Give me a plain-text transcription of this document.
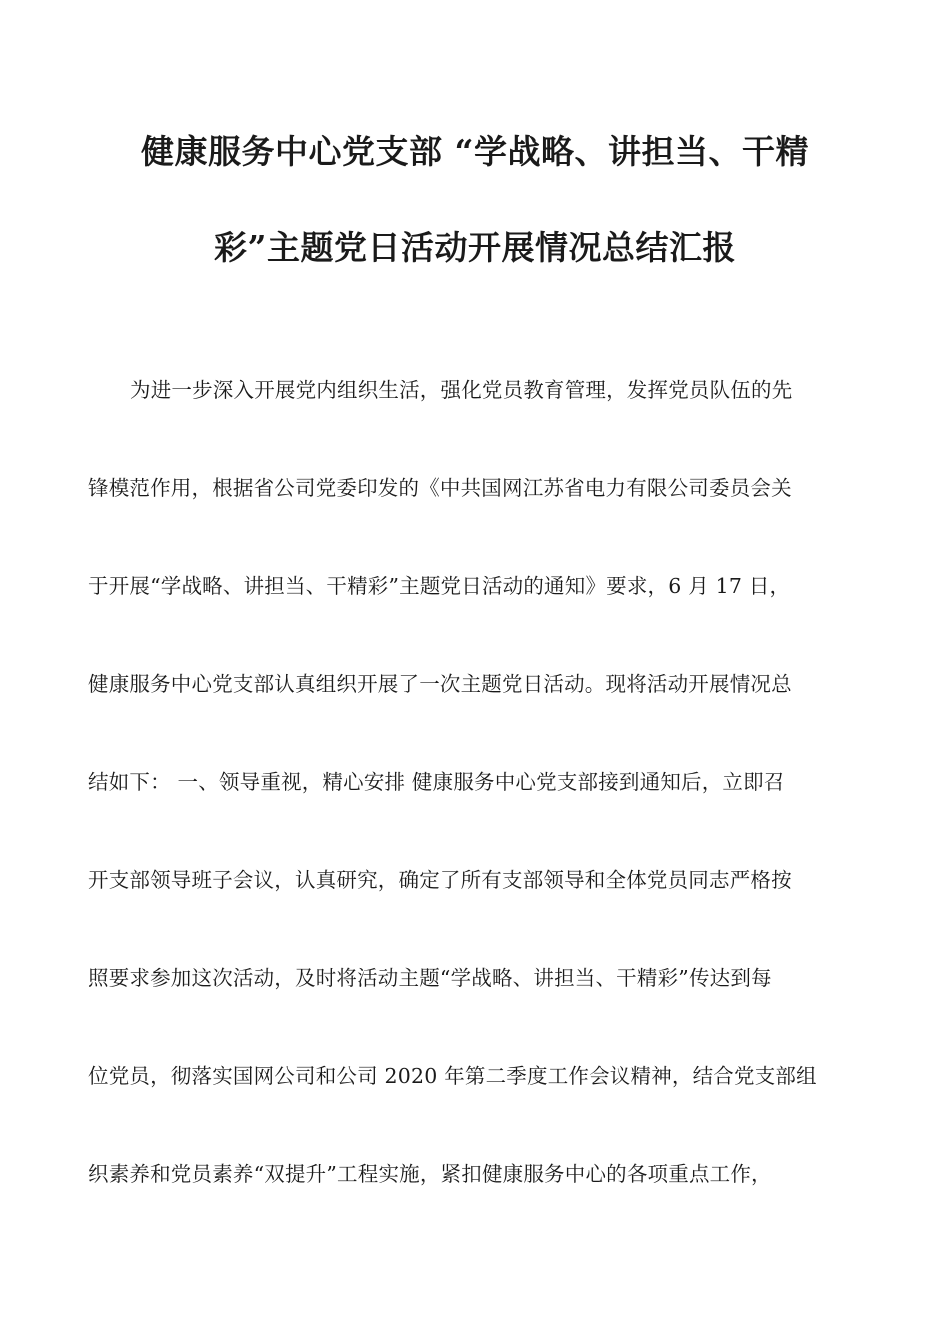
健康服务中心党支部 “学战略、讲担当、干精
彩”主题党日活动开展情况总结汇报
为进一步深入开展党内组织生活，强化党员教育管理，发挥党员队伍的先
锋模范作用，根据省公司党委印发的《中共国网江苏省电力有限公司委员会关
于开展“学战略、讲担当、干精彩”主题党日活动的通知》要求，6 月 17 日，
健康服务中心党支部认真组织开展了一次主题党日活动。现将活动开展情况总
结如下： 一、领导重视，精心安排 健康服务中心党支部接到通知后，立即召
开支部领导班子会议，认真研究，确定了所有支部领导和全体党员同志严格按
照要求参加这次活动，及时将活动主题“学战略、讲担当、干精彩”传达到每
位党员，彻落实国网公司和公司 2020 年第二季度工作会议精神，结合党支部组
织素养和党员素养“双提升”工程实施，紧扣健康服务中心的各项重点工作，
